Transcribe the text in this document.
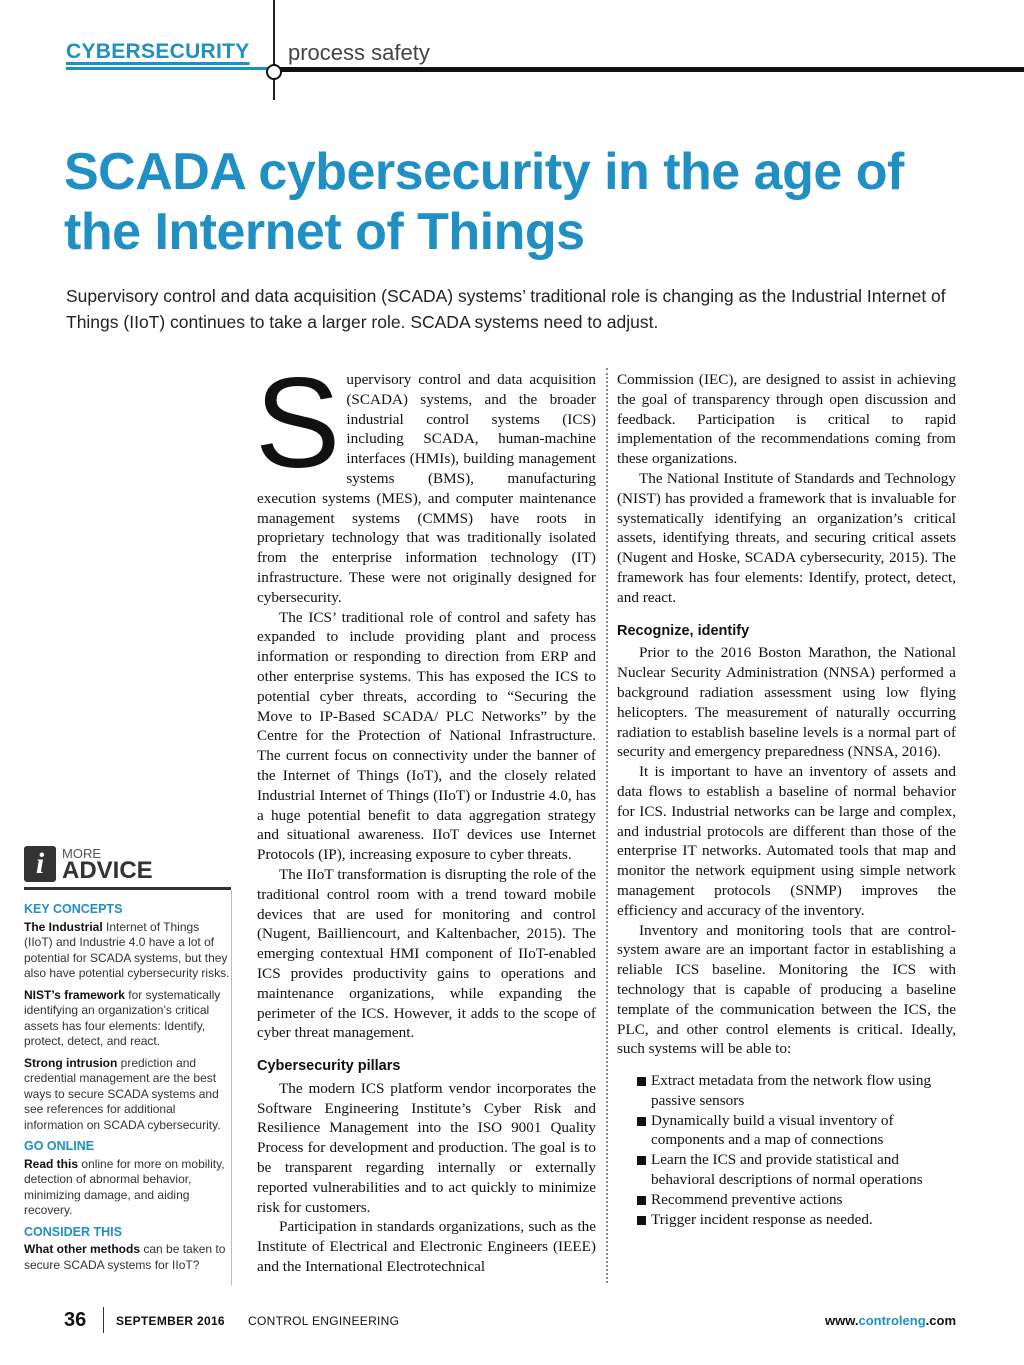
CYBERSECURITY process safety
SCADA cybersecurity in the age of the Internet of Things
Supervisory control and data acquisition (SCADA) systems’ traditional role is changing as the Industrial Internet of Things (IIoT) continues to take a larger role. SCADA systems need to adjust.

Supervisory control and data acquisition (SCADA) systems, and the broader industrial control systems (ICS) including SCADA, human-machine interfaces (HMIs), building management systems (BMS), manufacturing execution systems (MES), and computer maintenance management systems (CMMS) have roots in proprietary technology that was traditionally isolated from the enterprise information technology (IT) infrastructure. These were not originally designed for cybersecurity.

The ICS’ traditional role of control and safety has expanded to include providing plant and process information or responding to direction from ERP and other enterprise systems. This has exposed the ICS to potential cyber threats, according to “Securing the Move to IP-Based SCADA/ PLC Networks” by the Centre for the Protection of National Infrastructure. The current focus on connectivity under the banner of the Internet of Things (IoT), and the closely related Industrial Internet of Things (IIoT) or Industrie 4.0, has a huge potential benefit to data aggregation strategy and situational awareness. IIoT devices use Internet Protocols (IP), increasing exposure to cyber threats.

The IIoT transformation is disrupting the role of the traditional control room with a trend toward mobile devices that are used for monitoring and control (Nugent, Bailliencourt, and Kaltenbacher, 2015). The emerging contextual HMI component of IIoT-enabled ICS provides productivity gains to operations and maintenance organizations, while expanding the perimeter of the ICS. However, it adds to the scope of cyber threat management.

Cybersecurity pillars

The modern ICS platform vendor incorporates the Software Engineering Institute’s Cyber Risk and Resilience Management into the ISO 9001 Quality Process for development and production. The goal is to be transparent regarding internally or externally reported vulnerabilities and to act quickly to minimize risk for customers.

Participation in standards organizations, such as the Institute of Electrical and Electronic Engineers (IEEE) and the International Electrotechnical

Commission (IEC), are designed to assist in achieving the goal of transparency through open discussion and feedback. Participation is critical to rapid implementation of the recommendations coming from these organizations.

The National Institute of Standards and Technology (NIST) has provided a framework that is invaluable for systematically identifying an organization’s critical assets, identifying threats, and securing critical assets (Nugent and Hoske, SCADA cybersecurity, 2015). The framework has four elements: Identify, protect, detect, and react.

Recognize, identify

Prior to the 2016 Boston Marathon, the National Nuclear Security Administration (NNSA) performed a background radiation assessment using low flying helicopters. The measurement of naturally occurring radiation to establish baseline levels is a normal part of security and emergency preparedness (NNSA, 2016).

It is important to have an inventory of assets and data flows to establish a baseline of normal behavior for ICS. Industrial networks can be large and complex, and industrial protocols are different than those of the enterprise IT networks. Automated tools that map and monitor the network equipment using simple network management protocols (SNMP) improves the efficiency and accuracy of the inventory.

Inventory and monitoring tools that are control-system aware are an important factor in establishing a reliable ICS baseline. Monitoring the ICS with technology that is capable of producing a baseline template of the communication between the ICS, the PLC, and other control elements is critical. Ideally, such systems will be able to:

Extract metadata from the network flow using passive sensors
Dynamically build a visual inventory of components and a map of connections
Learn the ICS and provide statistical and behavioral descriptions of normal operations
Recommend preventive actions
Trigger incident response as needed.
i	MORE
ADVICE
KEY CONCEPTS

The Industrial Internet of Things (IIoT) and Industrie 4.0 have a lot of potential for SCADA systems, but they also have potential cybersecurity risks.

NIST’s framework for systematically identifying an organization’s critical assets has four elements: Identify, protect, detect, and react.

Strong intrusion prediction and credential management are the best ways to secure SCADA systems and see references for additional information on SCADA cybersecurity.

GO ONLINE

Read this online for more on mobility, detection of abnormal behavior, minimizing damage, and aiding recovery.

CONSIDER THIS

What other methods can be taken to secure SCADA systems for IIoT?

36 SEPTEMBER 2016 CONTROL ENGINEERING	www.controleng.com
